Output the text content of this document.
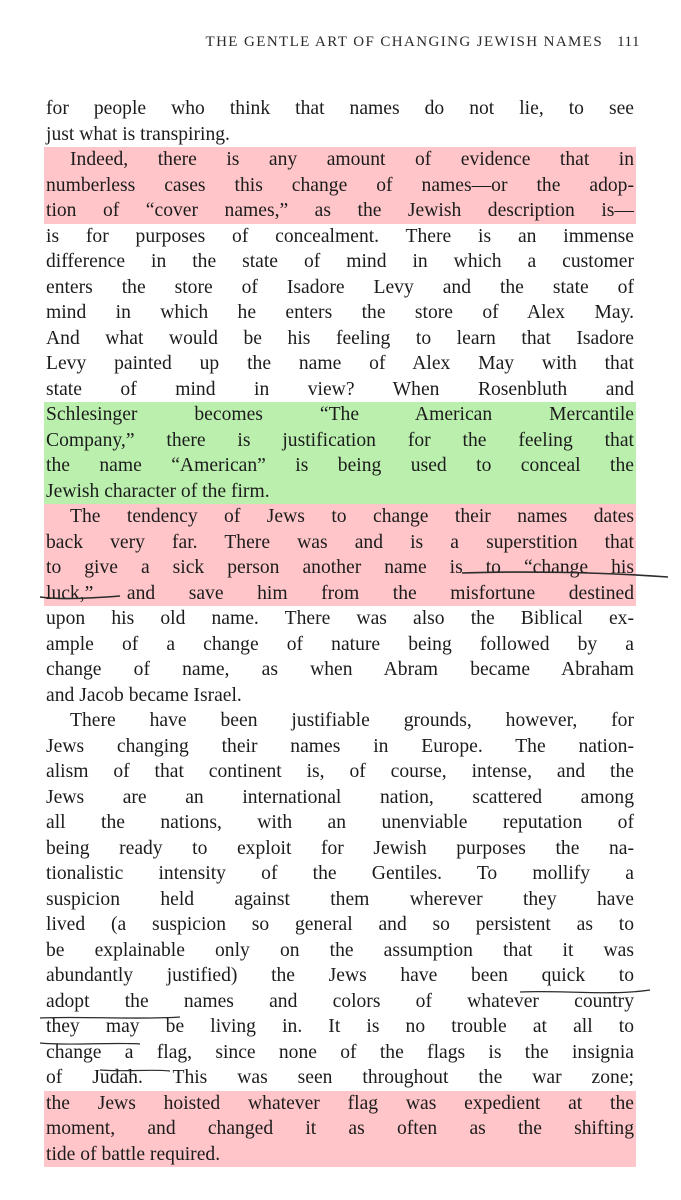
THE GENTLE ART OF CHANGING JEWISH NAMES 111
for people who think that names do not lie, to see
just what is transpiring.
Indeed, there is any amount of evidence that in
numberless cases this change of names—or the adop-
tion of “cover names,” as the Jewish description is—
is for purposes of concealment. There is an immense
difference in the state of mind in which a customer
enters the store of Isadore Levy and the state of
mind in which he enters the store of Alex May.
And what would be his feeling to learn that Isadore
Levy painted up the name of Alex May with that
state of mind in view? When Rosenbluth and
Schlesinger becomes “The American Mercantile
Company,” there is justification for the feeling that
the name “American” is being used to conceal the
Jewish character of the firm.
The tendency of Jews to change their names dates
back very far. There was and is a superstition that
to give a sick person another name is to “change his
luck,” and save him from the misfortune destined
upon his old name. There was also the Biblical ex-
ample of a change of nature being followed by a
change of name, as when Abram became Abraham
and Jacob became Israel.
There have been justifiable grounds, however, for
Jews changing their names in Europe. The nation-
alism of that continent is, of course, intense, and the
Jews are an international nation, scattered among
all the nations, with an unenviable reputation of
being ready to exploit for Jewish purposes the na-
tionalistic intensity of the Gentiles. To mollify a
suspicion held against them wherever they have
lived (a suspicion so general and so persistent as to
be explainable only on the assumption that it was
abundantly justified) the Jews have been quick to
adopt the names and colors of whatever country
they may be living in. It is no trouble at all to
change a flag, since none of the flags is the insignia
of Judah. This was seen throughout the war zone;
the Jews hoisted whatever flag was expedient at the
moment, and changed it as often as the shifting
tide of battle required.
